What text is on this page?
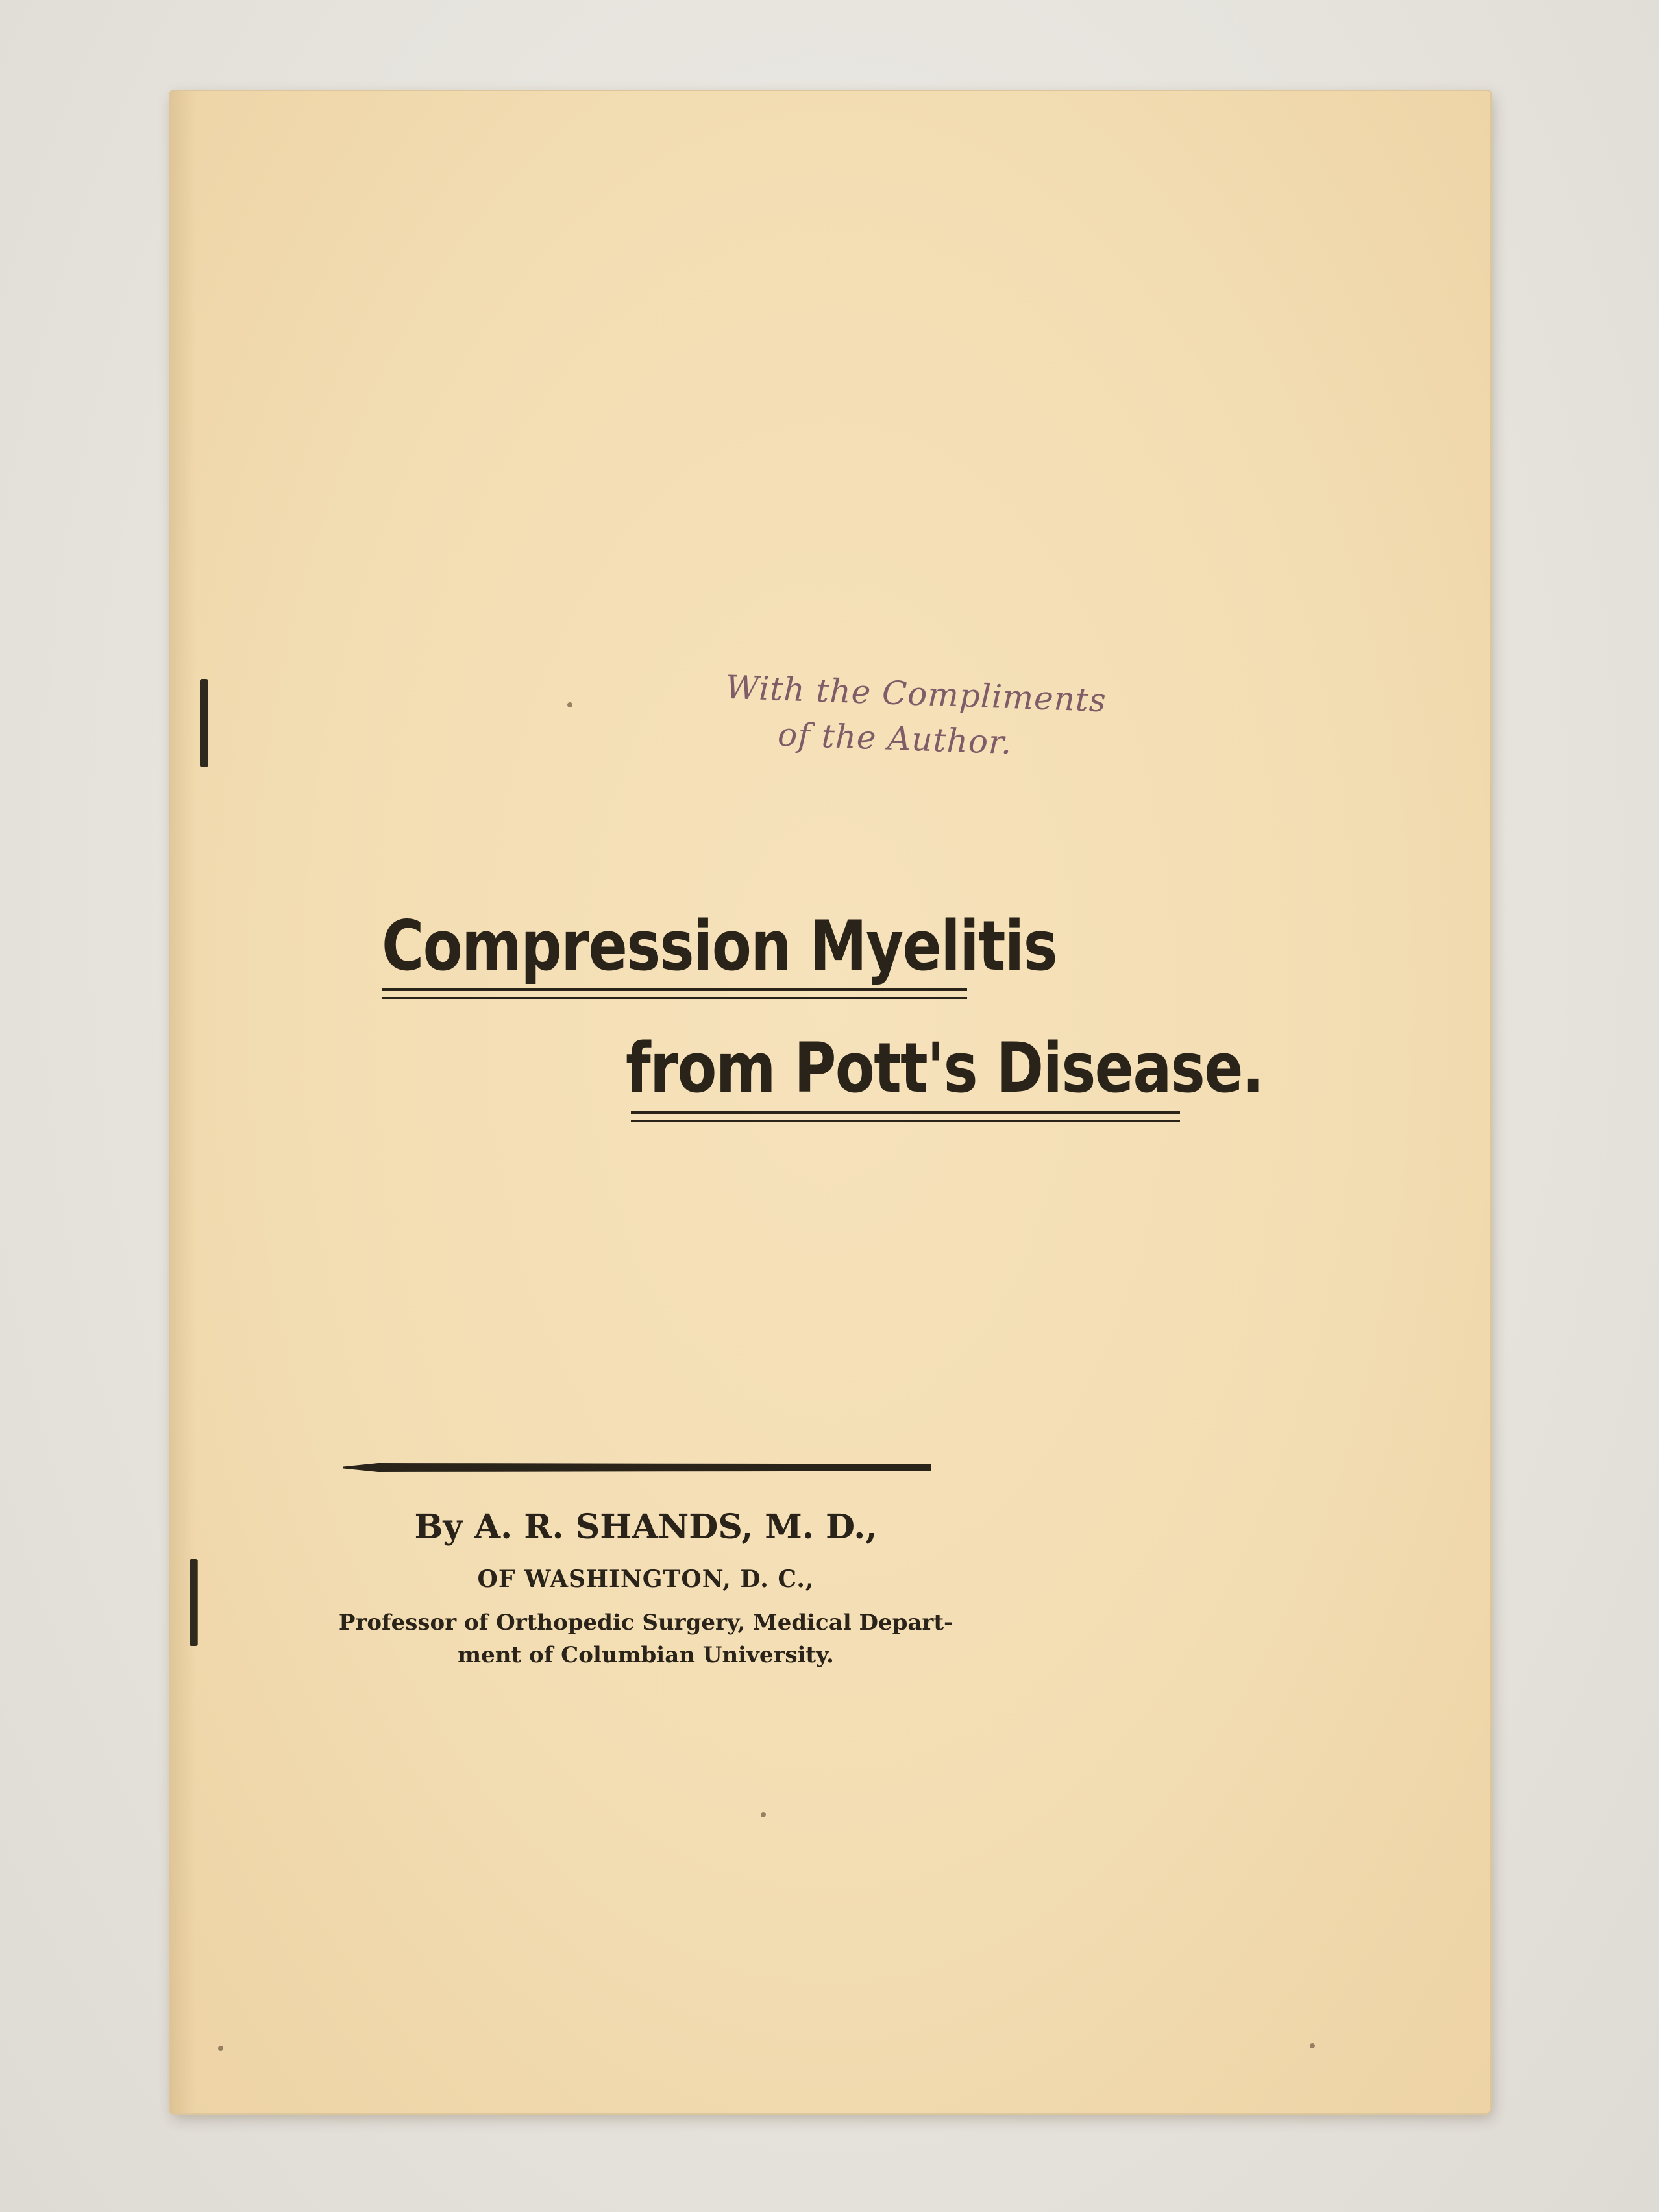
With the Compliments
of the Author.
Compression Myelitis
from Pott's Disease.
By A. R. SHANDS, M. D.,
OF WASHINGTON, D. C.,
Professor of Orthopedic Surgery, Medical Depart-
ment of Columbian University.
